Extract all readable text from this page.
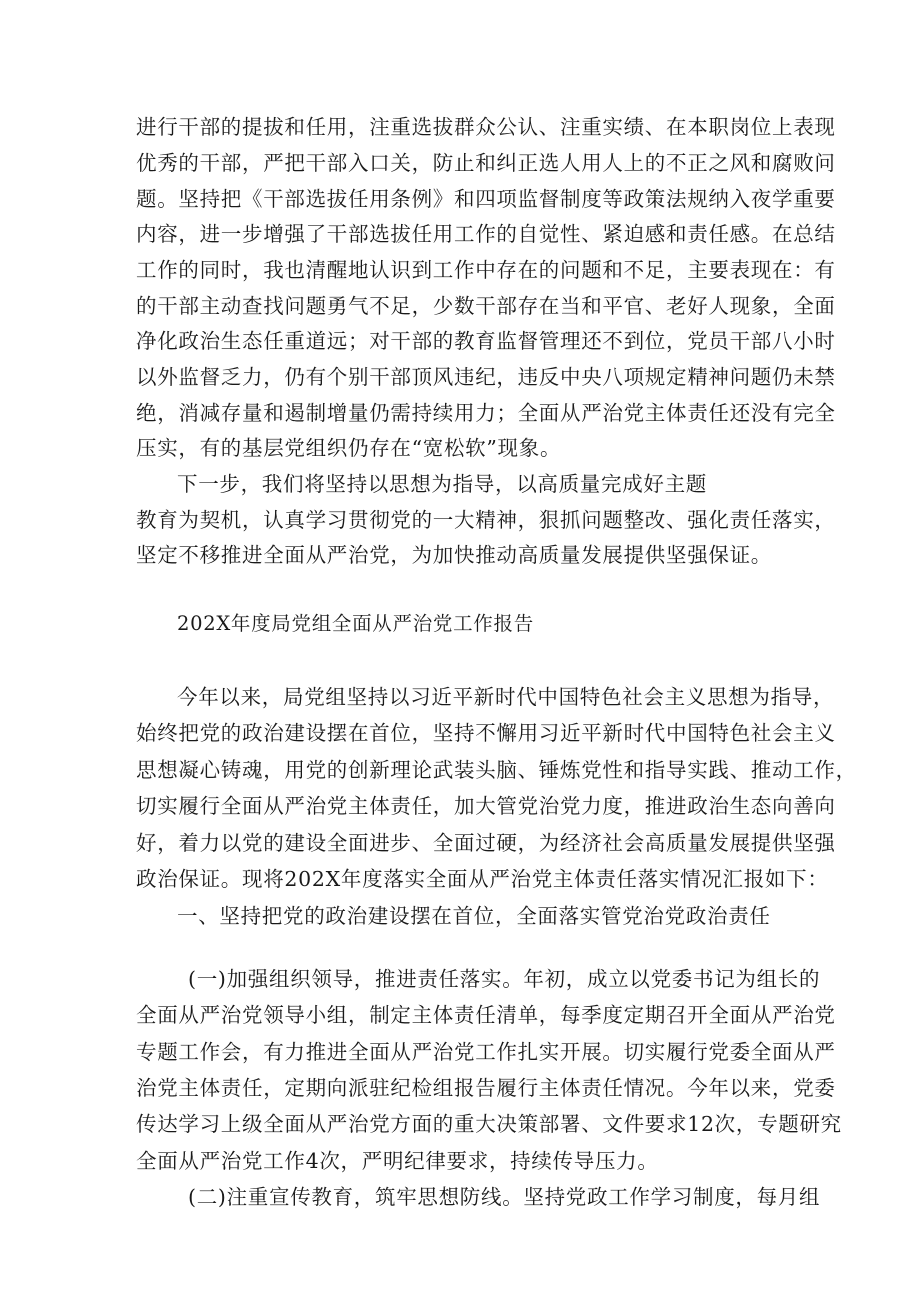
进行干部的提拔和任用，注重选拔群众公认、注重实绩、在本职岗位上表现
优秀的干部，严把干部入口关，防止和纠正选人用人上的不正之风和腐败问
题。坚持把《干部选拔任用条例》和四项监督制度等政策法规纳入夜学重要
内容，进一步增强了干部选拔任用工作的自觉性、紧迫感和责任感。在总结
工作的同时，我也清醒地认识到工作中存在的问题和不足，主要表现在：有
的干部主动查找问题勇气不足，少数干部存在当和平官、老好人现象，全面
净化政治生态任重道远；对干部的教育监督管理还不到位，党员干部八小时
以外监督乏力，仍有个别干部顶风违纪，违反中央八项规定精神问题仍未禁
绝，消减存量和遏制增量仍需持续用力；全面从严治党主体责任还没有完全
压实，有的基层党组织仍存在“宽松软”现象。
下一步，我们将坚持以思想为指导，以高质量完成好主题
教育为契机，认真学习贯彻党的一大精神，狠抓问题整改、强化责任落实，
坚定不移推进全面从严治党，为加快推动高质量发展提供坚强保证。
202X年度局党组全面从严治党工作报告
今年以来，局党组坚持以习近平新时代中国特色社会主义思想为指导，
始终把党的政治建设摆在首位，坚持不懈用习近平新时代中国特色社会主义
思想凝心铸魂，用党的创新理论武装头脑、锤炼党性和指导实践、推动工作，
切实履行全面从严治党主体责任，加大管党治党力度，推进政治生态向善向
好，着力以党的建设全面进步、全面过硬，为经济社会高质量发展提供坚强
政治保证。现将202X年度落实全面从严治党主体责任落实情况汇报如下：
一、坚持把党的政治建设摆在首位，全面落实管党治党政治责任
(一)加强组织领导，推进责任落实。年初，成立以党委书记为组长的
全面从严治党领导小组，制定主体责任清单，每季度定期召开全面从严治党
专题工作会，有力推进全面从严治党工作扎实开展。切实履行党委全面从严
治党主体责任，定期向派驻纪检组报告履行主体责任情况。今年以来，党委
传达学习上级全面从严治党方面的重大决策部署、文件要求12次，专题研究
全面从严治党工作4次，严明纪律要求，持续传导压力。
(二)注重宣传教育，筑牢思想防线。坚持党政工作学习制度，每月组
